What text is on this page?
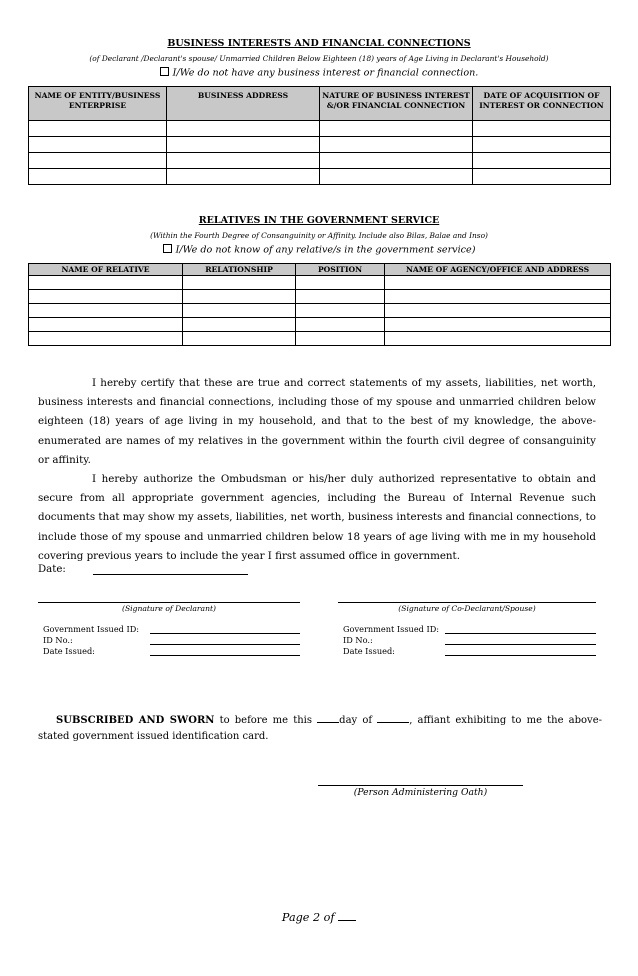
BUSINESS INTERESTS AND FINANCIAL CONNECTIONS
(of Declarant /Declarant's spouse/ Unmarried Children Below Eighteen (18) years of Age Living in Declarant's Household)
I/We do not have any business interest or financial connection.
NAME OF ENTITY/BUSINESS ENTERPRISE	BUSINESS ADDRESS	NATURE OF BUSINESS INTEREST &/OR FINANCIAL CONNECTION	DATE OF ACQUISITION OF INTEREST OR CONNECTION

RELATIVES IN THE GOVERNMENT SERVICE
(Within the Fourth Degree of Consanguinity or Affinity. Include also Bilas, Balae and Inso)
I/We do not know of any relative/s in the government service)
NAME OF RELATIVE	RELATIONSHIP	POSITION	NAME OF AGENCY/OFFICE AND ADDRESS

I hereby certify that these are true and correct statements of my assets, liabilities, net worth, business interests and financial connections, including those of my spouse and unmarried children below eighteen (18) years of age living in my household, and that to the best of my knowledge, the above-enumerated are names of my relatives in the government within the fourth civil degree of consanguinity or affinity.
I hereby authorize the Ombudsman or his/her duly authorized representative to obtain and secure from all appropriate government agencies, including the Bureau of Internal Revenue such documents that may show my assets, liabilities, net worth, business interests and financial connections, to include those of my spouse and unmarried children below 18 years of age living with me in my household covering previous years to include the year I first assumed office in government.
Date:
(Signature of Declarant)	(Signature of Co-Declarant/Spouse)
Government Issued ID:
ID No.:
Date Issued:
Government Issued ID:
ID No.:
Date Issued:
SUBSCRIBED AND SWORN to before me this day of	, affiant exhibiting to me the above-stated government issued identification card.
(Person Administering Oath)
Page 2 of
